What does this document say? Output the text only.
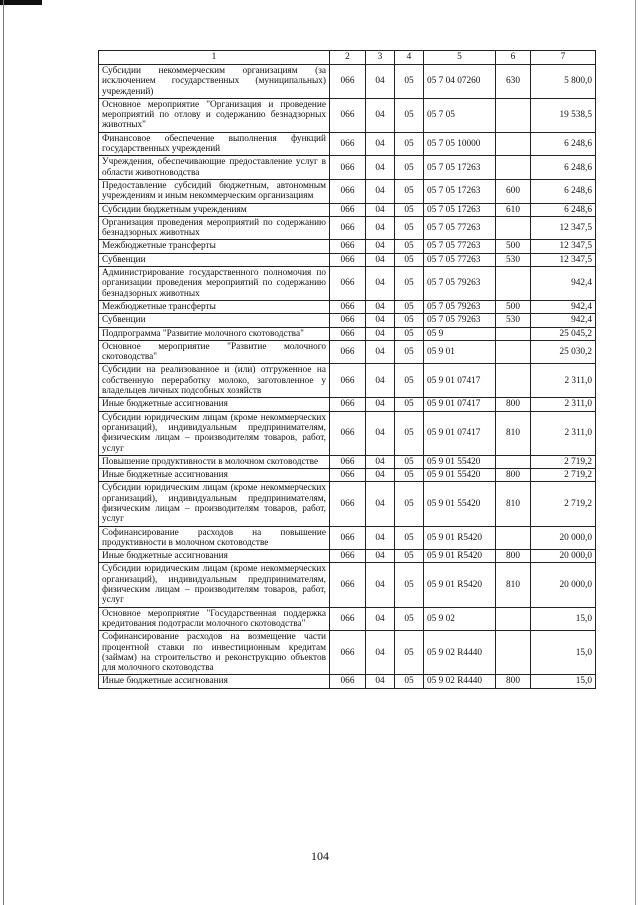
1	2	3	4	5	6	7
Субсидии некоммерческим организациям (за исключением государственных (муниципальных) учреждений)	066	04	05	05 7 04 07260	630	5 800,0
Основное мероприятие "Организация и проведение мероприятий по отлову и содержанию безнадзорных животных"	066	04	05	05 7 05		19 538,5
Финансовое обеспечение выполнения функций государственных учреждений	066	04	05	05 7 05 10000		6 248,6
Учреждения, обеспечивающие предоставление услуг в области животноводства	066	04	05	05 7 05 17263		6 248,6
Предоставление субсидий бюджетным, автономным учреждениям и иным некоммерческим организациям	066	04	05	05 7 05 17263	600	6 248,6
Субсидии бюджетным учреждениям	066	04	05	05 7 05 17263	610	6 248,6
Организация проведения мероприятий по содержанию безнадзорных животных	066	04	05	05 7 05 77263		12 347,5
Межбюджетные трансферты	066	04	05	05 7 05 77263	500	12 347,5
Субвенции	066	04	05	05 7 05 77263	530	12 347,5
Администрирование государственного полномочия по организации проведения мероприятий по содержанию безнадзорных животных	066	04	05	05 7 05 79263		942,4
Межбюджетные трансферты	066	04	05	05 7 05 79263	500	942,4
Субвенции	066	04	05	05 7 05 79263	530	942,4
Подпрограмма "Развитие молочного скотоводства"	066	04	05	05 9		25 045,2
Основное мероприятие "Развитие молочного скотоводства"	066	04	05	05 9 01		25 030,2
Субсидии на реализованное и (или) отгруженное на собственную переработку молоко, заготовленное у владельцев личных подсобных хозяйств	066	04	05	05 9 01 07417		2 311,0
Иные бюджетные ассигнования	066	04	05	05 9 01 07417	800	2 311,0
Субсидии юридическим лицам (кроме некоммерческих организаций), индивидуальным предпринимателям, физическим лицам – производителям товаров, работ, услуг	066	04	05	05 9 01 07417	810	2 311,0
Повышение продуктивности в молочном скотоводстве	066	04	05	05 9 01 55420		2 719,2
Иные бюджетные ассигнования	066	04	05	05 9 01 55420	800	2 719,2
Субсидии юридическим лицам (кроме некоммерческих организаций), индивидуальным предпринимателям, физическим лицам – производителям товаров, работ, услуг	066	04	05	05 9 01 55420	810	2 719,2
Софинансирование расходов на повышение продуктивности в молочном скотоводстве	066	04	05	05 9 01 R5420		20 000,0
Иные бюджетные ассигнования	066	04	05	05 9 01 R5420	800	20 000,0
Субсидии юридическим лицам (кроме некоммерческих организаций), индивидуальным предпринимателям, физическим лицам – производителям товаров, работ, услуг	066	04	05	05 9 01 R5420	810	20 000,0
Основное мероприятие "Государственная поддержка кредитования подотрасли молочного скотоводства"	066	04	05	05 9 02		15,0
Софинансирование расходов на возмещение части процентной ставки по инвестиционным кредитам (займам) на строительство и реконструкцию объектов для молочного скотоводства	066	04	05	05 9 02 R4440		15,0
Иные бюджетные ассигнования	066	04	05	05 9 02 R4440	800	15,0
104
